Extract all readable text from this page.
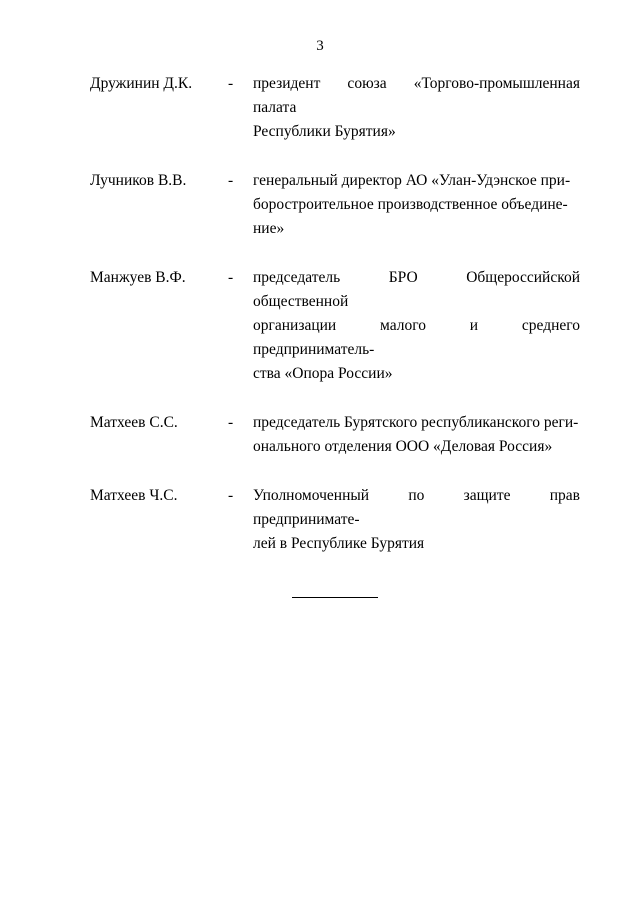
3
Дружинин Д.К.	-	президент союза «Торгово-промышленная палата
Республики Бурятия»
Лучников В.В.	-	генеральный директор АО «Улан-Удэнское при-
боростроительное производственное объедине-
ние»
Манжуев В.Ф.	-	председатель БРО Общероссийской общественной
организации малого и среднего предприниматель-
ства «Опора России»
Матхеев С.С.	-	председатель Бурятского республиканского реги-
онального отделения ООО «Деловая Россия»
Матхеев Ч.С.	-	Уполномоченный по защите прав предпринимате-
лей в Республике Бурятия
